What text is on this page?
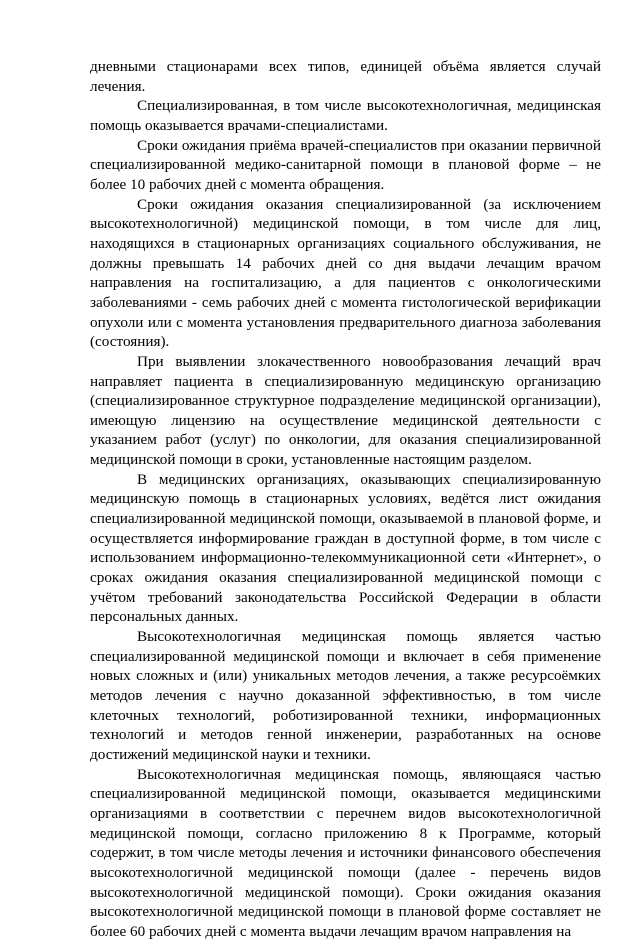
дневными стационарами всех типов, единицей объёма является случай лечения.

Специализированная, в том числе высокотехнологичная, медицинская помощь оказывается врачами-специалистами.

Сроки ожидания приёма врачей-специалистов при оказании первичной специализированной медико-санитарной помощи в плановой форме – не более 10 рабочих дней с момента обращения.

Сроки ожидания оказания специализированной (за исключением высокотехнологичной) медицинской помощи, в том числе для лиц, находящихся в стационарных организациях социального обслуживания, не должны превышать 14 рабочих дней со дня выдачи лечащим врачом направления на госпитализацию, а для пациентов с онкологическими заболеваниями - семь рабочих дней с момента гистологической верификации опухоли или с момента установления предварительного диагноза заболевания (состояния).

При выявлении злокачественного новообразования лечащий врач направляет пациента в специализированную медицинскую организацию (специализированное структурное подразделение медицинской организации), имеющую лицензию на осуществление медицинской деятельности с указанием работ (услуг) по онкологии, для оказания специализированной медицинской помощи в сроки, установленные настоящим разделом.

В медицинских организациях, оказывающих специализированную медицинскую помощь в стационарных условиях, ведётся лист ожидания специализированной медицинской помощи, оказываемой в плановой форме, и осуществляется информирование граждан в доступной форме, в том числе с использованием информационно-телекоммуникационной сети «Интернет», о сроках ожидания оказания специализированной медицинской помощи с учётом требований законодательства Российской Федерации в области персональных данных.

Высокотехнологичная медицинская помощь является частью специализированной медицинской помощи и включает в себя применение новых сложных и (или) уникальных методов лечения, а также ресурсоёмких методов лечения с научно доказанной эффективностью, в том числе клеточных технологий, роботизированной техники, информационных технологий и методов генной инженерии, разработанных на основе достижений медицинской науки и техники.

Высокотехнологичная медицинская помощь, являющаяся частью специализированной медицинской помощи, оказывается медицинскими организациями в соответствии с перечнем видов высокотехнологичной медицинской помощи, согласно приложению 8 к Программе, который содержит, в том числе методы лечения и источники финансового обеспечения высокотехнологичной медицинской помощи (далее - перечень видов высокотехнологичной медицинской помощи). Сроки ожидания оказания высокотехнологичной медицинской помощи в плановой форме составляет не более 60 рабочих дней с момента выдачи лечащим врачом направления на
